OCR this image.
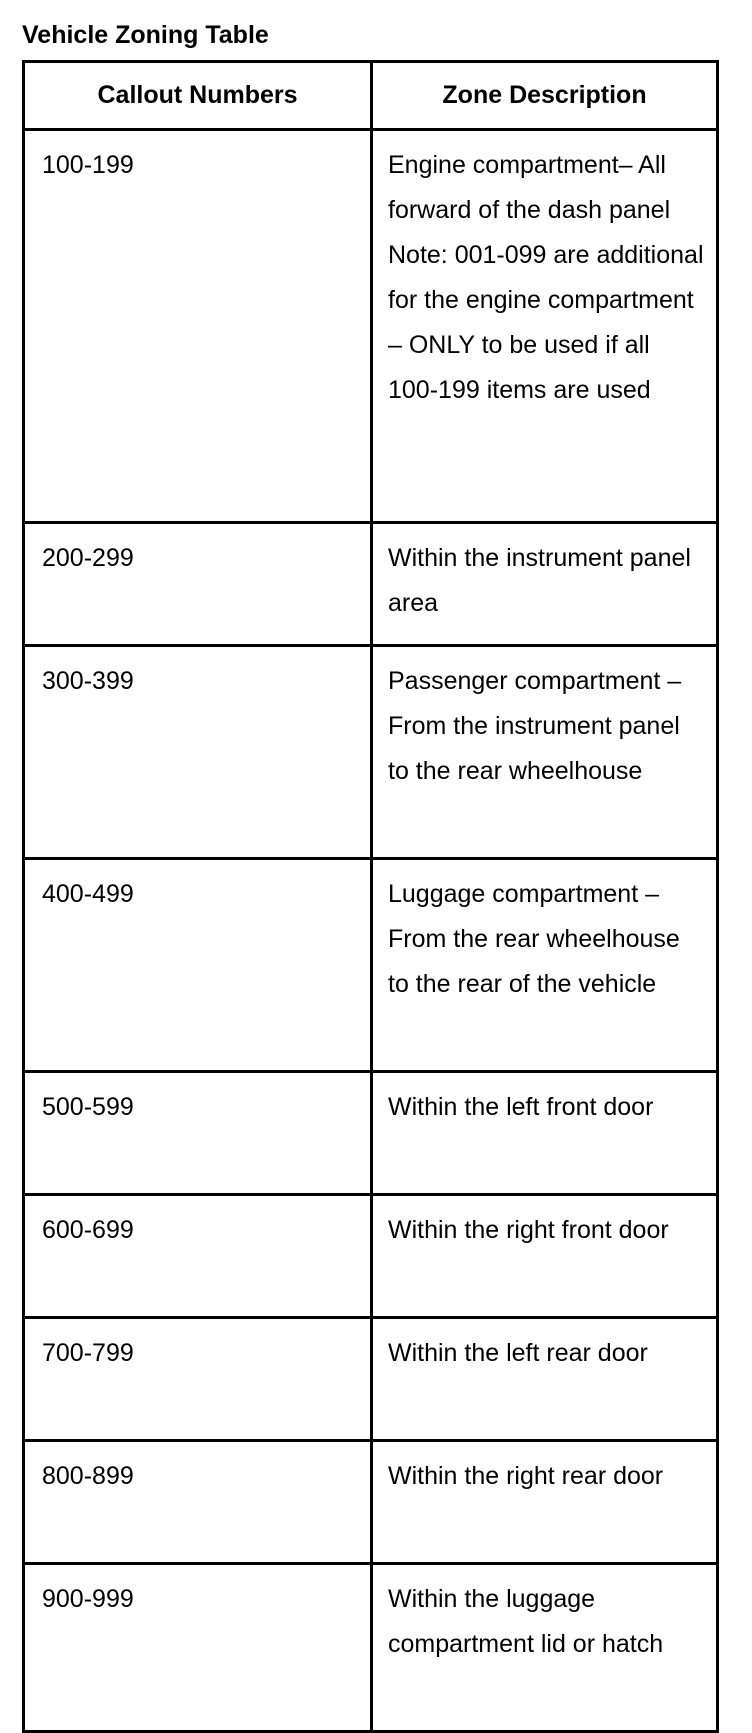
Vehicle Zoning Table
Callout Numbers	Zone Description
100-199	Engine compartment– All forward of the dash panel Note: 001-099 are additional for the engine compartment – ONLY to be used if all 100-199 items are used
200-299	Within the instrument panel area
300-399	Passenger compartment – From the instrument panel to the rear wheelhouse
400-499	Luggage compartment – From the rear wheelhouse to the rear of the vehicle
500-599	Within the left front door
600-699	Within the right front door
700-799	Within the left rear door
800-899	Within the right rear door
900-999	Within the luggage compartment lid or hatch
